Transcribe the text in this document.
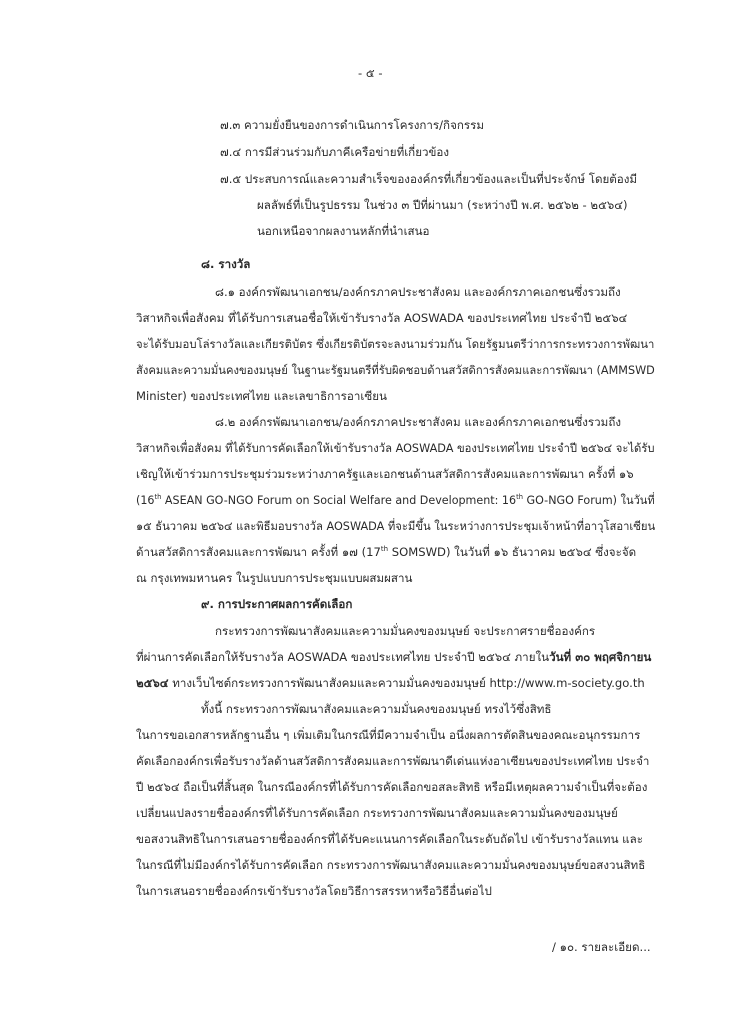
- ๕ -
๗.๓ ความยั่งยืนของการดำเนินการโครงการ/กิจกรรม
๗.๔ การมีส่วนร่วมกับภาคีเครือข่ายที่เกี่ยวข้อง
๗.๕ ประสบการณ์และความสำเร็จขององค์กรที่เกี่ยวข้องและเป็นที่ประจักษ์ โดยต้องมี
ผลลัพธ์ที่เป็นรูปธรรม ในช่วง ๓ ปีที่ผ่านมา (ระหว่างปี พ.ศ. ๒๕๖๒ - ๒๕๖๔)
นอกเหนือจากผลงานหลักที่นำเสนอ
๘. รางวัล
๘.๑ องค์กรพัฒนาเอกชน/องค์กรภาคประชาสังคม และองค์กรภาคเอกชนซึ่งรวมถึง
วิสาหกิจเพื่อสังคม ที่ได้รับการเสนอชื่อให้เข้ารับรางวัล AOSWADA ของประเทศไทย ประจำปี ๒๕๖๔
จะได้รับมอบโล่รางวัลและเกียรติบัตร ซึ่งเกียรติบัตรจะลงนามร่วมกัน โดยรัฐมนตรีว่าการกระทรวงการพัฒนา
สังคมและความมั่นคงของมนุษย์ ในฐานะรัฐมนตรีที่รับผิดชอบด้านสวัสดิการสังคมและการพัฒนา (AMMSWD
Minister) ของประเทศไทย และเลขาธิการอาเซียน
๘.๒ องค์กรพัฒนาเอกชน/องค์กรภาคประชาสังคม และองค์กรภาคเอกชนซึ่งรวมถึง
วิสาหกิจเพื่อสังคม ที่ได้รับการคัดเลือกให้เข้ารับรางวัล AOSWADA ของประเทศไทย ประจำปี ๒๕๖๔ จะได้รับ
เชิญให้เข้าร่วมการประชุมร่วมระหว่างภาครัฐและเอกชนด้านสวัสดิการสังคมและการพัฒนา ครั้งที่ ๑๖
(16th ASEAN GO-NGO Forum on Social Welfare and Development: 16th GO-NGO Forum) ในวันที่
๑๕ ธันวาคม ๒๕๖๔ และพิธีมอบรางวัล AOSWADA ที่จะมีขึ้น ในระหว่างการประชุมเจ้าหน้าที่อาวุโสอาเซียน
ด้านสวัสดิการสังคมและการพัฒนา ครั้งที่ ๑๗ (17th SOMSWD) ในวันที่ ๑๖ ธันวาคม ๒๕๖๔ ซึ่งจะจัด
ณ กรุงเทพมหานคร ในรูปแบบการประชุมแบบผสมผสาน
๙. การประกาศผลการคัดเลือก
กระทรวงการพัฒนาสังคมและความมั่นคงของมนุษย์ จะประกาศรายชื่อองค์กร
ที่ผ่านการคัดเลือกให้รับรางวัล AOSWADA ของประเทศไทย ประจำปี ๒๕๖๔ ภายในวันที่ ๓๐ พฤศจิกายน
๒๕๖๔ ทางเว็บไซต์กระทรวงการพัฒนาสังคมและความมั่นคงของมนุษย์ http://www.m-society.go.th
ทั้งนี้ กระทรวงการพัฒนาสังคมและความมั่นคงของมนุษย์ ทรงไว้ซึ่งสิทธิ
ในการขอเอกสารหลักฐานอื่น ๆ เพิ่มเติมในกรณีที่มีความจำเป็น อนึ่งผลการตัดสินของคณะอนุกรรมการ
คัดเลือกองค์กรเพื่อรับรางวัลด้านสวัสดิการสังคมและการพัฒนาดีเด่นแห่งอาเซียนของประเทศไทย ประจำ
ปี ๒๕๖๔ ถือเป็นที่สิ้นสุด ในกรณีองค์กรที่ได้รับการคัดเลือกขอสละสิทธิ หรือมีเหตุผลความจำเป็นที่จะต้อง
เปลี่ยนแปลงรายชื่อองค์กรที่ได้รับการคัดเลือก กระทรวงการพัฒนาสังคมและความมั่นคงของมนุษย์
ขอสงวนสิทธิในการเสนอรายชื่อองค์กรที่ได้รับคะแนนการคัดเลือกในระดับถัดไป เข้ารับรางวัลแทน และ
ในกรณีที่ไม่มีองค์กรได้รับการคัดเลือก กระทรวงการพัฒนาสังคมและความมั่นคงของมนุษย์ขอสงวนสิทธิ
ในการเสนอรายชื่อองค์กรเข้ารับรางวัลโดยวิธีการสรรหาหรือวิธีอื่นต่อไป
/ ๑๐. รายละเอียด...
